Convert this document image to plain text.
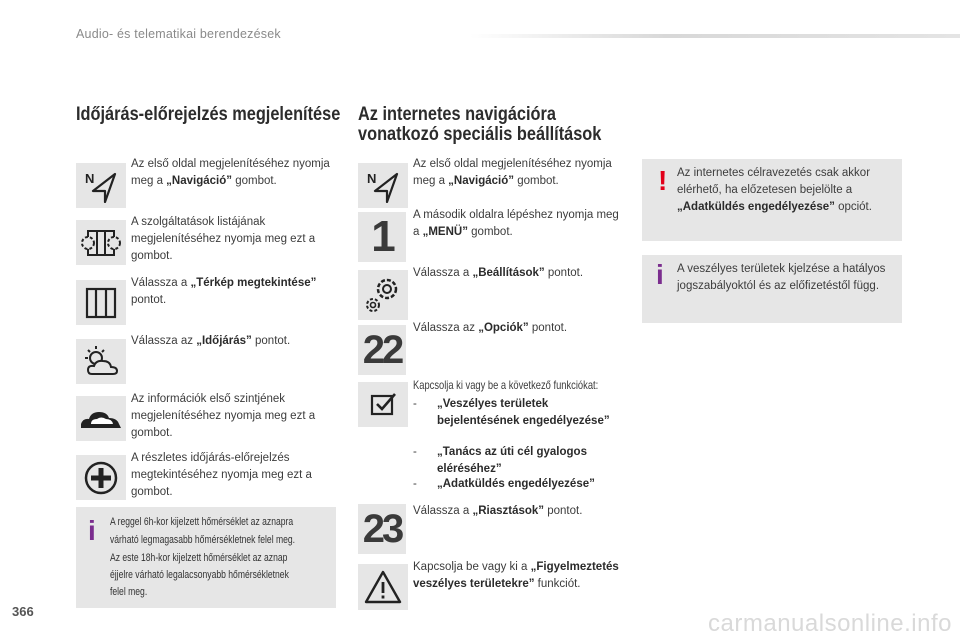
Audio- és telematikai berendezések
Időjárás-előrejelzés megjelenítése
N
Az első oldal megjelenítéséhez nyomja meg a „Navigáció” gombot.
A szolgáltatások listájának megjelenítéséhez nyomja meg ezt a gombot.
Válassza a „Térkép megtekintése” pontot.
Válassza az „Időjárás” pontot.
Az információk első szintjének megjelenítéséhez nyomja meg ezt a gombot.
A részletes időjárás-előrejelzés megtekintéséhez nyomja meg ezt a gombot.
i A reggel 6h-kor kijelzett hőmérséklet az aznapra
várható legmagasabb hőmérsékletnek felel meg.
Az este 18h-kor kijelzett hőmérséklet az aznap
éjjelre várható legalacsonyabb hőmérsékletnek
felel meg.
Az internetes navigációra
vonatkozó speciális beállítások
N
Az első oldal megjelenítéséhez nyomja meg a „Navigáció” gombot.
1 A második oldalra lépéshez nyomja meg a „MENÜ” gombot.
Válassza a „Beállítások” pontot.
22 Válassza az „Opciók” pontot.
Kapcsolja ki vagy be a következő funkciókat:
- „Veszélyes területek bejelentésének engedélyezése”
- „Tanács az úti cél gyalogos eléréséhez”
- „Adatküldés engedélyezése”
23 Válassza a „Riasztások” pontot.
Kapcsolja be vagy ki a „Figyelmeztetés veszélyes területekre” funkciót.
! Az internetes célravezetés csak akkor elérhető, ha előzetesen bejelölte a „Adatküldés engedélyezése” opciót.
i A veszélyes területek kjelzése a hatályos jogszabályoktól és az előfizetéstől függ.
366	carmanualsonline.info
